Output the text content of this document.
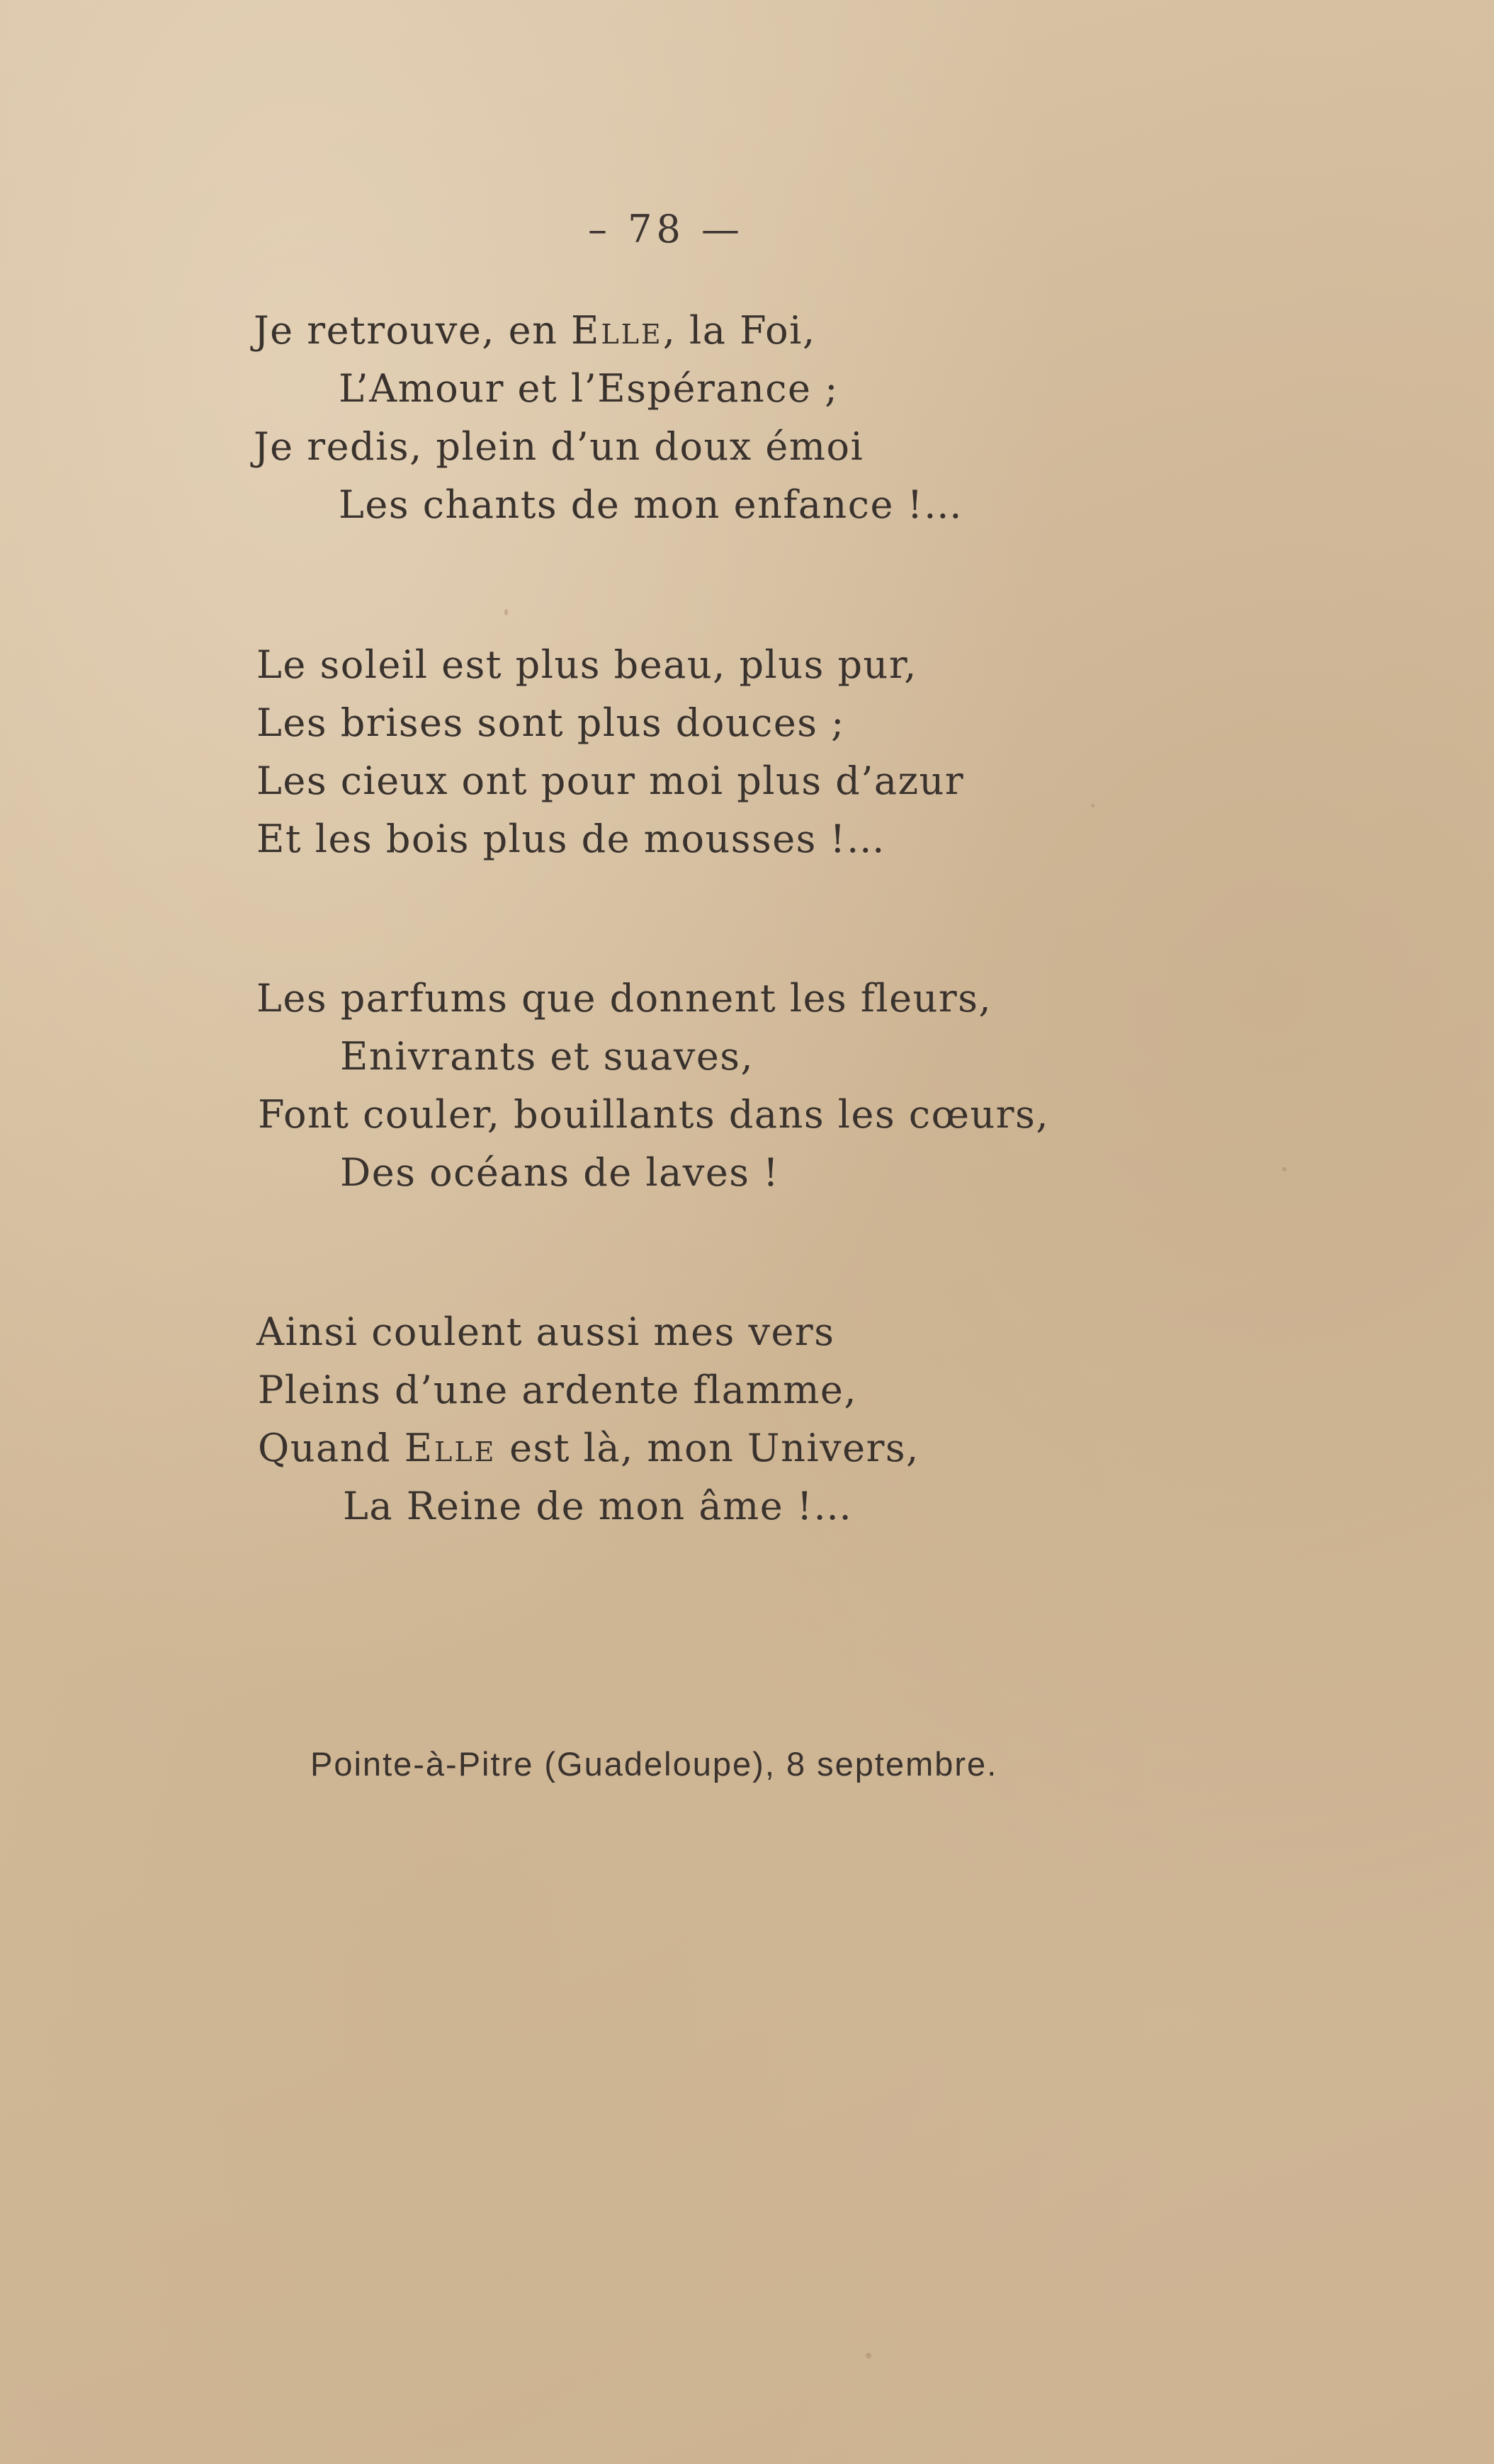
– 78 —
Je retrouve, en Elle, la Foi,
L’Amour et l’Espérance ;
Je redis, plein d’un doux émoi
Les chants de mon enfance !…
Le soleil est plus beau, plus pur,
Les brises sont plus douces ;
Les cieux ont pour moi plus d’azur
Et les bois plus de mousses !…
Les parfums que donnent les fleurs,
Enivrants et suaves,
Font couler, bouillants dans les cœurs,
Des océans de laves !
Ainsi coulent aussi mes vers
Pleins d’une ardente flamme,
Quand Elle est là, mon Univers,
La Reine de mon âme !…
Pointe-à-Pitre (Guadeloupe), 8 septembre.
